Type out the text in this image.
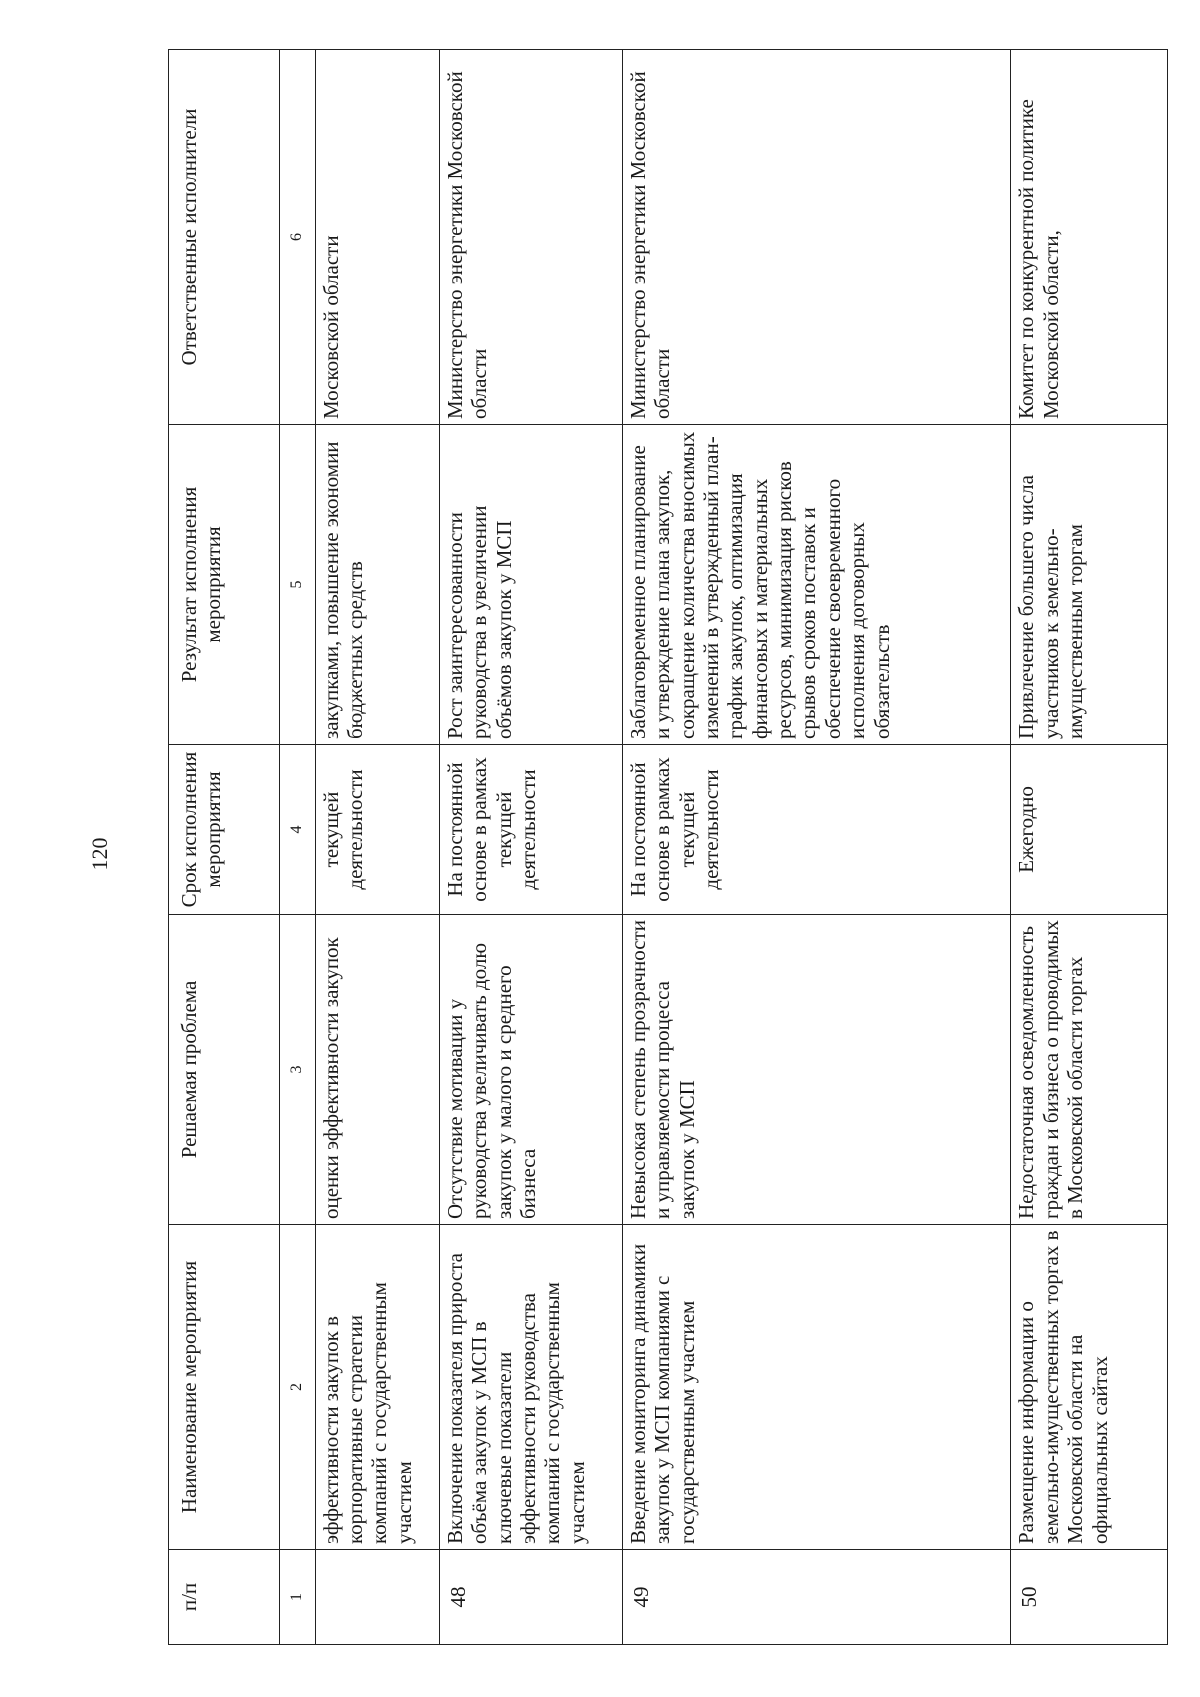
120
п/п	Наименование мероприятия	Решаемая проблема	Срок исполнения мероприятия	Результат исполнения мероприятия	Ответственные исполнители
1	2	3	4	5	6
	эффективности закупок в корпоративные стратегии компаний с государственным участием	оценки эффективности закупок	текущей деятельности	закупками, повышение экономии бюджетных средств	Московской области
48	Включение показателя прироста объёма закупок у МСП в ключевые показатели эффективности руководства компаний с государственным участием	Отсутствие мотивации у руководства увеличивать долю закупок у малого и среднего бизнеса	На постоянной основе в рамках текущей деятельности	Рост заинтересованности руководства в увеличении объёмов закупок у МСП	Министерство энергетики Московской области
49	Введение мониторинга динамики закупок у МСП компаниями с государственным участием	Невысокая степень прозрачности и управляемости процесса закупок у МСП	На постоянной основе в рамках текущей деятельности	Заблаговременное планирование и утверждение плана закупок, сокращение количества вносимых изменений в утвержденный план-график закупок, оптимизация финансовых и материальных ресурсов, минимизация рисков срывов сроков поставок и обеспечение своевременного исполнения договорных обязательств	Министерство энергетики Московской области
50	Размещение информации о земельно-имущественных торгах в Московской области на официальных сайтах	Недостаточная осведомленность граждан и бизнеса о проводимых в Московской области торгах	Ежегодно	Привлечение большего числа участников к земельно-имущественным торгам	Комитет по конкурентной политике Московской области,
